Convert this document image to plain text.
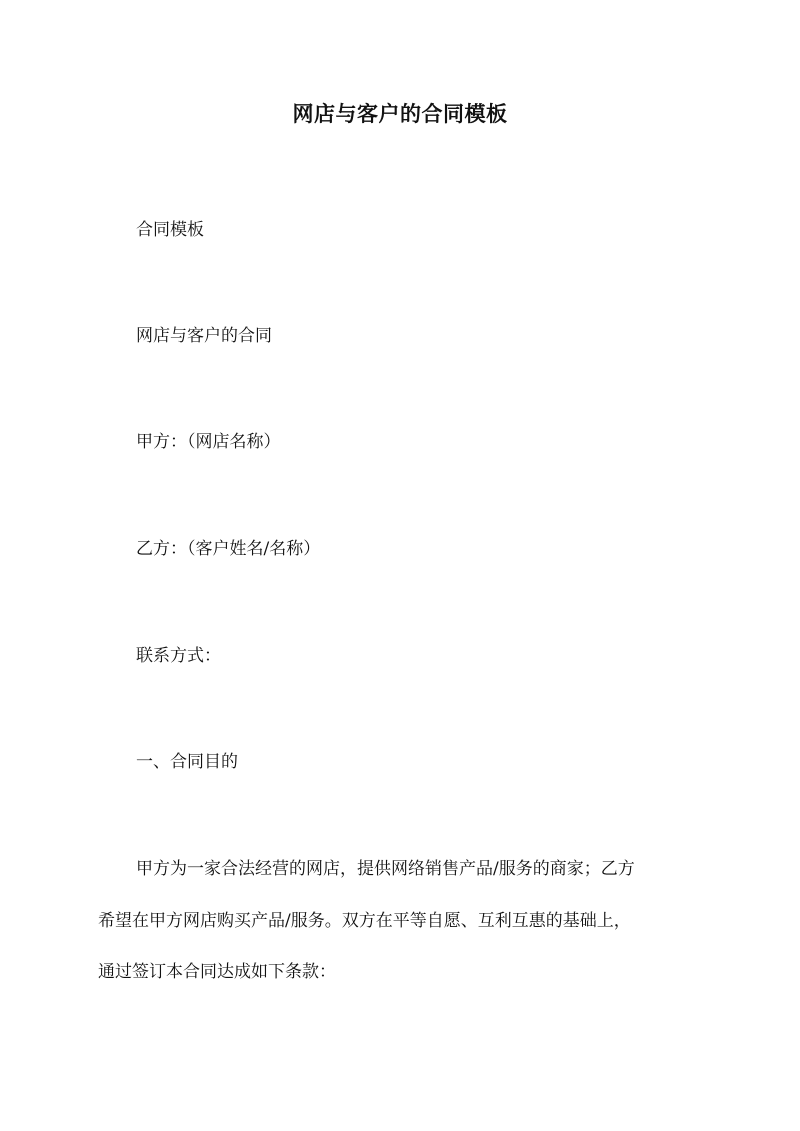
网店与客户的合同模板
合同模板
网店与客户的合同
甲方：（网店名称）
乙方：（客户姓名/名称）
联系方式：
一、合同目的
甲方为一家合法经营的网店，提供网络销售产品/服务的商家；乙方
希望在甲方网店购买产品/服务。双方在平等自愿、互利互惠的基础上，
通过签订本合同达成如下条款：
